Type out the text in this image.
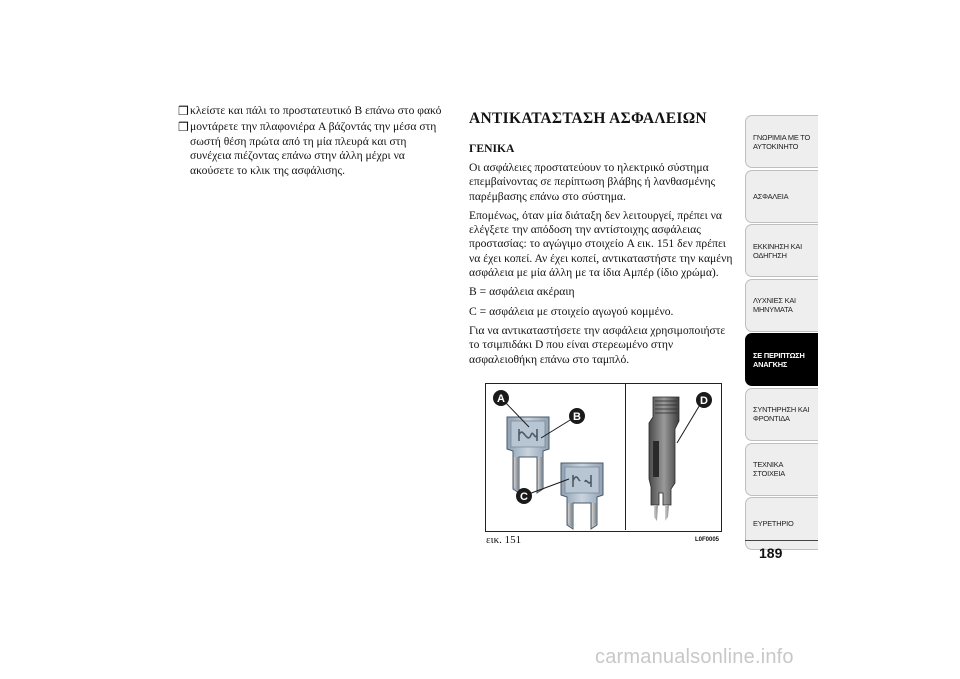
❒ κλείστε και πάλι το προστατευτικό B επάνω στο φακό
❒ μοντάρετε την πλαφονιέρα A βάζοντάς την μέσα στη σωστή θέση πρώτα από τη μία πλευρά και στη συνέχεια πιέζοντας επάνω στην άλλη μέχρι να ακούσετε το κλικ της ασφάλισης.
ΑΝΤΙΚΑΤΑΣΤΑΣΗ ΑΣΦΑΛΕΙΩΝ
ΓΕΝΙΚΑ

Οι ασφάλειες προστατεύουν το ηλεκτρικό σύστημα επεμβαίνοντας σε περίπτωση βλάβης ή λανθασμένης παρέμβασης επάνω στο σύστημα.

Επομένως, όταν μία διάταξη δεν λειτουργεί, πρέπει να ελέγξετε την απόδοση την αντίστοιχης ασφάλειας προστασίας: το αγώγιμο στοιχείο A εικ. 151 δεν πρέπει να έχει κοπεί. Αν έχει κοπεί, αντικαταστήστε την καμένη ασφάλεια με μία άλλη με τα ίδια Αμπέρ (ίδιο χρώμα).

B = ασφάλεια ακέραιη

C = ασφάλεια με στοιχείο αγωγού κομμένο.

Για να αντικαταστήσετε την ασφάλεια χρησιμοποιήστε το τσιμπιδάκι D που είναι στερεωμένο στην ασφαλειοθήκη επάνω στο ταμπλό.

A
B
C
D
εικ. 151	L0F0005
ΓΝΩΡΙΜΙΑ ΜΕ ΤΟ
ΑΥΤΟΚΙΝΗΤΟ
ΑΣΦΑΛΕΙΑ
ΕΚΚΙΝΗΣΗ ΚΑΙ
ΟΔΗΓΗΣΗ
ΛΥΧΝΙΕΣ ΚΑΙ
ΜΗΝΥΜΑΤΑ
ΣΕ ΠΕΡΙΠΤΩΣΗ
ΑΝΑΓΚΗΣ
ΣΥΝΤΗΡΗΣΗ ΚΑΙ
ΦΡΟΝΤΙΔΑ
ΤΕΧΝΙΚΑ ΣΤΟΙΧΕΙΑ
ΕΥΡΕΤΗΡΙΟ
189
carmanualsonline.info
